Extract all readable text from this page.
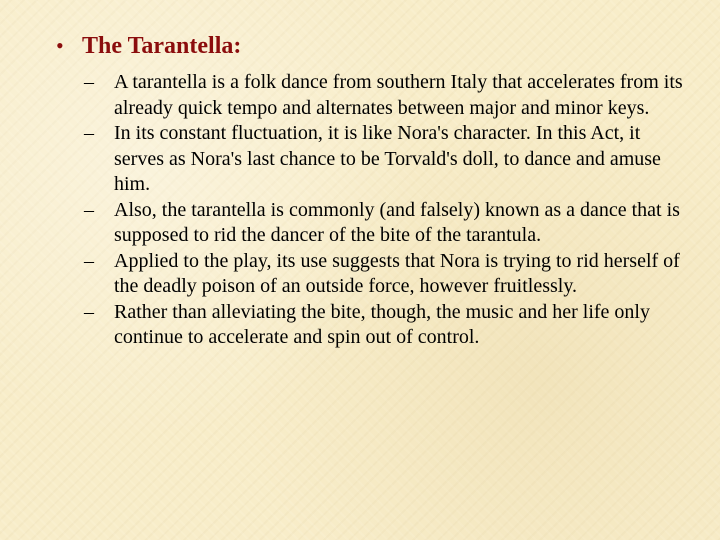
• The Tarantella:
– A tarantella is a folk dance from southern Italy that accelerates from its already quick tempo and alternates between major and minor keys.
– In its constant fluctuation, it is like Nora's character. In this Act, it serves as Nora's last chance to be Torvald's doll, to dance and amuse him.
– Also, the tarantella is commonly (and falsely) known as a dance that is supposed to rid the dancer of the bite of the tarantula.
– Applied to the play, its use suggests that Nora is trying to rid herself of the deadly poison of an outside force, however fruitlessly.
– Rather than alleviating the bite, though, the music and her life only continue to accelerate and spin out of control.
